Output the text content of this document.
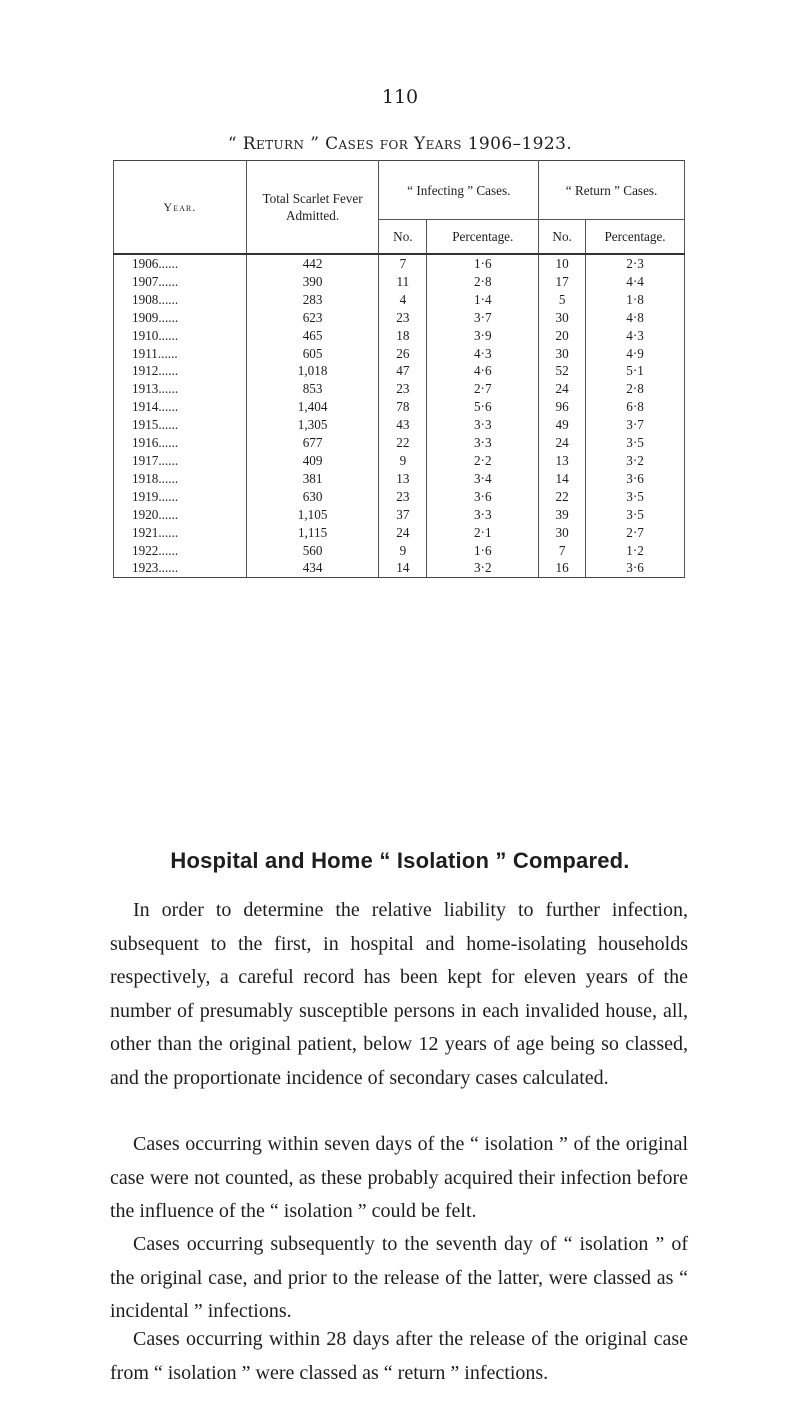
110
“ Return ” Cases for Years 1906–1923.
Year.	Total Scarlet Fever Admitted.	“ Infecting ” Cases.		“ Return ” Cases.	
		No.	Percentage.	No.	Percentage.
1906......	442	7	1·6	10	2·3
1907......	390	11	2·8	17	4·4
1908......	283	4	1·4	5	1·8
1909......	623	23	3·7	30	4·8
1910......	465	18	3·9	20	4·3
1911......	605	26	4·3	30	4·9
1912......	1,018	47	4·6	52	5·1
1913......	853	23	2·7	24	2·8
1914......	1,404	78	5·6	96	6·8
1915......	1,305	43	3·3	49	3·7
1916......	677	22	3·3	24	3·5
1917......	409	9	2·2	13	3·2
1918......	381	13	3·4	14	3·6
1919......	630	23	3·6	22	3·5
1920......	1,105	37	3·3	39	3·5
1921......	1,115	24	2·1	30	2·7
1922......	560	9	1·6	7	1·2
1923......	434	14	3·2	16	3·6
Hospital and Home “ Isolation ” Compared.

In order to determine the relative liability to further infection, subsequent to the first, in hospital and home-isolating households respectively, a careful record has been kept for eleven years of the number of presumably susceptible persons in each invalided house, all, other than the original patient, below 12 years of age being so classed, and the proportionate incidence of secondary cases calculated.

Cases occurring within seven days of the “ isolation ” of the original case were not counted, as these probably acquired their infection before the influence of the “ isolation ” could be felt.

Cases occurring subsequently to the seventh day of “ isolation ” of the original case, and prior to the release of the latter, were classed as “ incidental ” infections.

Cases occurring within 28 days after the release of the original case from “ isolation ” were classed as “ return ” infections.
